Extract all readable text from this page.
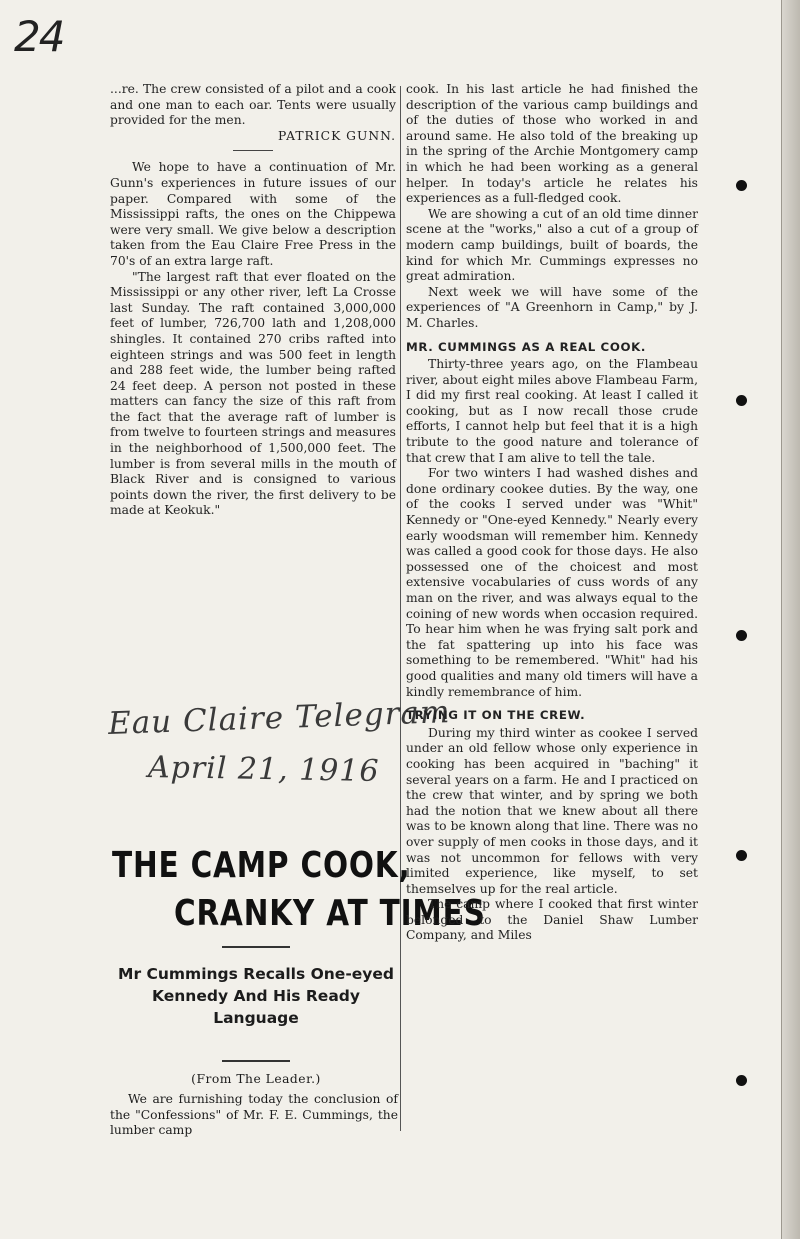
24

...re. The crew consisted of a pilot and a cook and one man to each oar. Tents were usually provided for the men.

PATRICK GUNN.

We hope to have a continuation of Mr. Gunn's experiences in future issues of our paper. Compared with some of the Mississippi rafts, the ones on the Chippewa were very small. We give below a description taken from the Eau Claire Free Press in the 70's of an extra large raft.

"The largest raft that ever floated on the Mississippi or any other river, left La Crosse last Sunday. The raft contained 3,000,000 feet of lumber, 726,700 lath and 1,208,000 shingles. It contained 270 cribs rafted into eighteen strings and was 500 feet in length and 288 feet wide, the lumber being rafted 24 feet deep. A person not posted in these matters can fancy the size of this raft from the fact that the average raft of lumber is from twelve to fourteen strings and measures in the neighborhood of 1,500,000 feet. The lumber is from several mills in the mouth of Black River and is consigned to various points down the river, the first delivery to be made at Keokuk."

Eau Claire Telegram
April 21, 1916
THE CAMP COOK,
CRANKY AT TIMES
Mr Cummings Recalls One-eyed Kennedy And His Ready Language
(From The Leader.)

We are furnishing today the conclusion of the "Confessions" of Mr. F. E. Cummings, the lumber camp

cook. In his last article he had finished the description of the various camp buildings and of the duties of those who worked in and around same. He also told of the breaking up in the spring of the Archie Montgomery camp in which he had been working as a general helper. In today's article he relates his experiences as a full-fledged cook.

We are showing a cut of an old time dinner scene at the "works," also a cut of a group of modern camp buildings, built of boards, the kind for which Mr. Cummings expresses no great admiration.

Next week we will have some of the experiences of "A Greenhorn in Camp," by J. M. Charles.

MR. CUMMINGS AS A REAL COOK.

Thirty-three years ago, on the Flambeau river, about eight miles above Flambeau Farm, I did my first real cooking. At least I called it cooking, but as I now recall those crude efforts, I cannot help but feel that it is a high tribute to the good nature and tolerance of that crew that I am alive to tell the tale.

For two winters I had washed dishes and done ordinary cookee duties. By the way, one of the cooks I served under was "Whit" Kennedy or "One-eyed Kennedy." Nearly every early woodsman will remember him. Kennedy was called a good cook for those days. He also possessed one of the choicest and most extensive vocabularies of cuss words of any man on the river, and was always equal to the coining of new words when occasion required. To hear him when he was frying salt pork and the fat spattering up into his face was something to be remembered. "Whit" had his good qualities and many old timers will have a kindly remembrance of him.

TRYING IT ON THE CREW.

During my third winter as cookee I served under an old fellow whose only experience in cooking has been acquired in "baching" it several years on a farm. He and I practiced on the crew that winter, and by spring we both had the notion that we knew about all there was to be known along that line. There was no over supply of men cooks in those days, and it was not uncommon for fellows with very limited experience, like myself, to set themselves up for the real article.

The camp where I cooked that first winter belonged to the Daniel Shaw Lumber Company, and Miles
